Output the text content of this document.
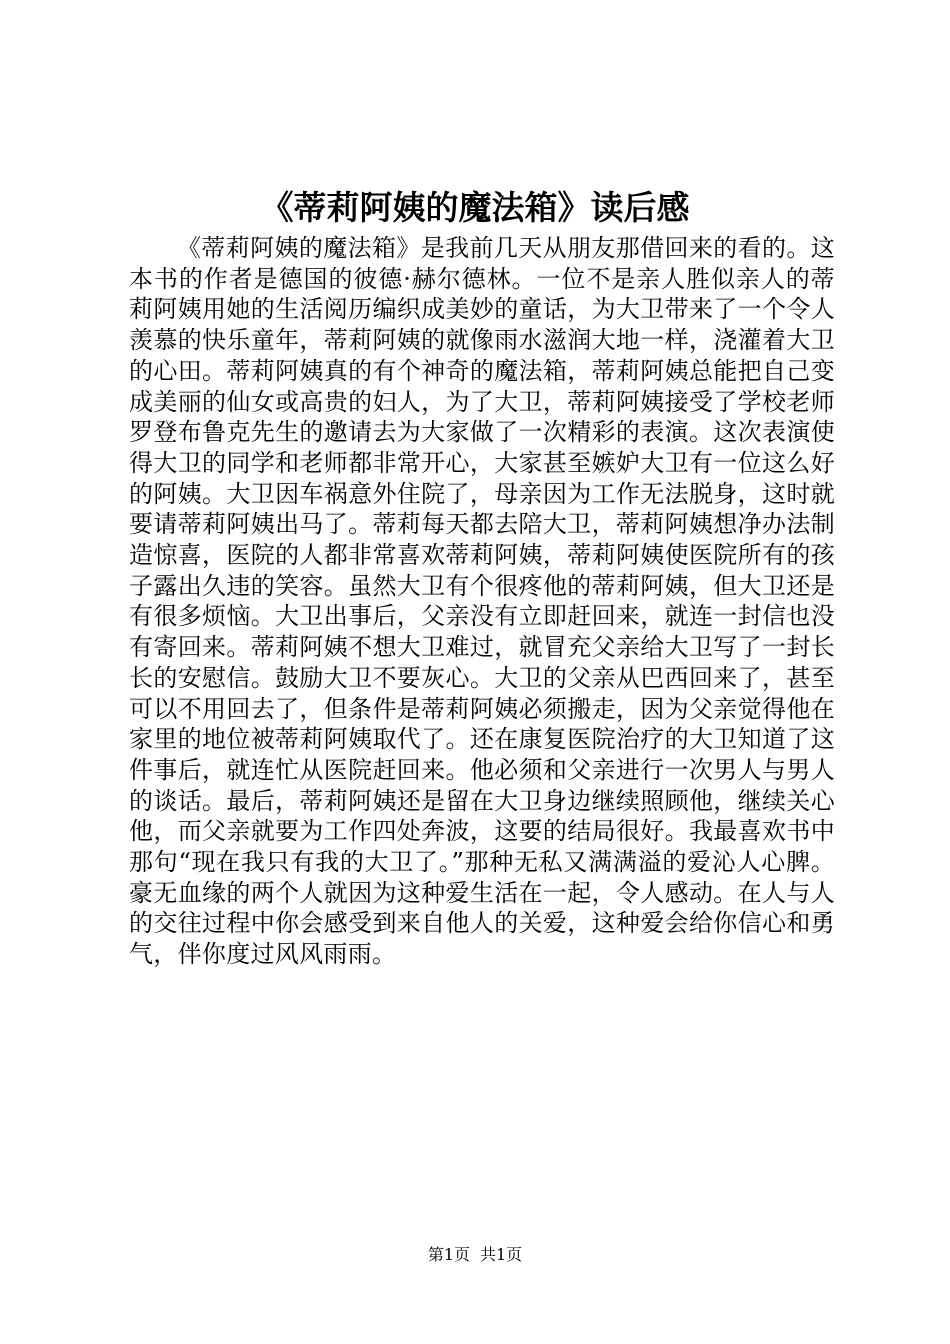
《蒂莉阿姨的魔法箱》读后感

《蒂莉阿姨的魔法箱》是我前几天从朋友那借回来的看的。这本书的作者是德国的彼德·赫尔德林。一位不是亲人胜似亲人的蒂莉阿姨用她的生活阅历编织成美妙的童话，为大卫带来了一个令人羡慕的快乐童年，蒂莉阿姨的就像雨水滋润大地一样，浇灌着大卫的心田。蒂莉阿姨真的有个神奇的魔法箱，蒂莉阿姨总能把自己变成美丽的仙女或高贵的妇人，为了大卫，蒂莉阿姨接受了学校老师罗登布鲁克先生的邀请去为大家做了一次精彩的表演。这次表演使得大卫的同学和老师都非常开心，大家甚至嫉妒大卫有一位这么好的阿姨。大卫因车祸意外住院了，母亲因为工作无法脱身，这时就要请蒂莉阿姨出马了。蒂莉每天都去陪大卫，蒂莉阿姨想净办法制造惊喜，医院的人都非常喜欢蒂莉阿姨，蒂莉阿姨使医院所有的孩子露出久违的笑容。虽然大卫有个很疼他的蒂莉阿姨，但大卫还是有很多烦恼。大卫出事后，父亲没有立即赶回来，就连一封信也没有寄回来。蒂莉阿姨不想大卫难过，就冒充父亲给大卫写了一封长长的安慰信。鼓励大卫不要灰心。大卫的父亲从巴西回来了，甚至可以不用回去了，但条件是蒂莉阿姨必须搬走，因为父亲觉得他在家里的地位被蒂莉阿姨取代了。还在康复医院治疗的大卫知道了这件事后，就连忙从医院赶回来。他必须和父亲进行一次男人与男人的谈话。最后，蒂莉阿姨还是留在大卫身边继续照顾他，继续关心他，而父亲就要为工作四处奔波，这要的结局很好。我最喜欢书中那句“现在我只有我的大卫了。”那种无私又满满溢的爱沁人心脾。豪无血缘的两个人就因为这种爱生活在一起，令人感动。在人与人的交往过程中你会感受到来自他人的关爱，这种爱会给你信心和勇气，伴你度过风风雨雨。

第1页 共1页
